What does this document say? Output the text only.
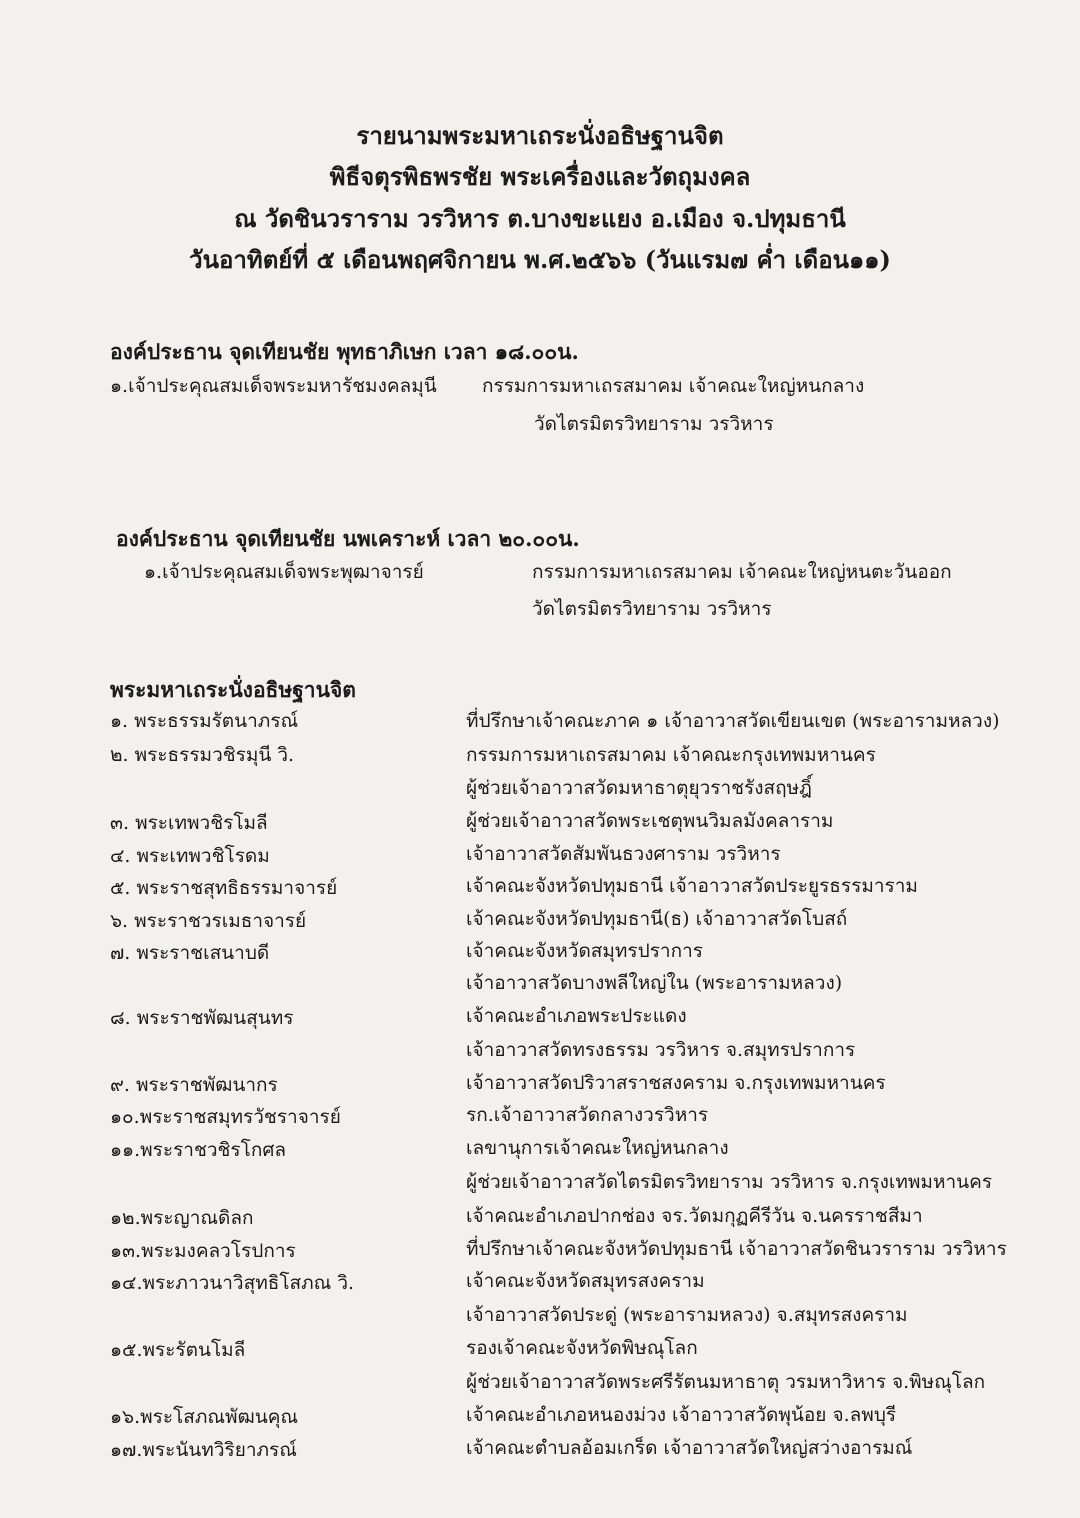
รายนามพระมหาเถระนั่งอธิษฐานจิต
พิธีจตุรพิธพรชัย พระเครื่องและวัตถุมงคล
ณ วัดชินวราราม วรวิหาร ต.บางขะแยง อ.เมือง จ.ปทุมธานี
วันอาทิตย์ที่ ๕ เดือนพฤศจิกายน พ.ศ.๒๕๖๖ (วันแรม๗ ค่ำ เดือน๑๑)
องค์ประธาน จุดเทียนชัย พุทธาภิเษก เวลา ๑๘.๐๐น.
๑.เจ้าประคุณสมเด็จพระมหารัชมงคลมุนี กรรมการมหาเถรสมาคม เจ้าคณะใหญ่หนกลาง
วัดไตรมิตรวิทยาราม วรวิหาร
องค์ประธาน จุดเทียนชัย นพเคราะห์ เวลา ๒๐.๐๐น.
๑.เจ้าประคุณสมเด็จพระพุฒาจารย์	กรรมการมหาเถรสมาคม เจ้าคณะใหญ่หนตะวันออก
วัดไตรมิตรวิทยาราม วรวิหาร
พระมหาเถระนั่งอธิษฐานจิต
๑. พระธรรมรัตนาภรณ์	ที่ปรึกษาเจ้าคณะภาค ๑ เจ้าอาวาสวัดเขียนเขต (พระอารามหลวง)
๒. พระธรรมวชิรมุนี วิ.	กรรมการมหาเถรสมาคม เจ้าคณะกรุงเทพมหานคร
ผู้ช่วยเจ้าอาวาสวัดมหาธาตุยุวราชรังสฤษฎิ์
๓. พระเทพวชิรโมลี	ผู้ช่วยเจ้าอาวาสวัดพระเชตุพนวิมลมังคลาราม
๔. พระเทพวชิโรดม	เจ้าอาวาสวัดสัมพันธวงศาราม วรวิหาร
๕. พระราชสุทธิธรรมาจารย์	เจ้าคณะจังหวัดปทุมธานี เจ้าอาวาสวัดประยูรธรรมาราม
๖. พระราชวรเมธาจารย์	เจ้าคณะจังหวัดปทุมธานี(ธ) เจ้าอาวาสวัดโบสถ์
๗. พระราชเสนาบดี	เจ้าคณะจังหวัดสมุทรปราการ
เจ้าอาวาสวัดบางพลีใหญ่ใน (พระอารามหลวง)
๘. พระราชพัฒนสุนทร	เจ้าคณะอำเภอพระประแดง
เจ้าอาวาสวัดทรงธรรม วรวิหาร จ.สมุทรปราการ
๙. พระราชพัฒนากร	เจ้าอาวาสวัดปริวาสราชสงคราม จ.กรุงเทพมหานคร
๑๐.พระราชสมุทรวัชราจารย์	รก.เจ้าอาวาสวัดกลางวรวิหาร
๑๑.พระราชวชิรโกศล	เลขานุการเจ้าคณะใหญ่หนกลาง
ผู้ช่วยเจ้าอาวาสวัดไตรมิตรวิทยาราม วรวิหาร จ.กรุงเทพมหานคร
๑๒.พระญาณดิลก	เจ้าคณะอำเภอปากช่อง จร.วัดมกุฏคีรีวัน จ.นครราชสีมา
๑๓.พระมงคลวโรปการ	ที่ปรึกษาเจ้าคณะจังหวัดปทุมธานี เจ้าอาวาสวัดชินวราราม วรวิหาร
๑๔.พระภาวนาวิสุทธิโสภณ วิ.	เจ้าคณะจังหวัดสมุทรสงคราม
เจ้าอาวาสวัดประดู่ (พระอารามหลวง) จ.สมุทรสงคราม
๑๕.พระรัตนโมลี	รองเจ้าคณะจังหวัดพิษณุโลก
ผู้ช่วยเจ้าอาวาสวัดพระศรีรัตนมหาธาตุ วรมหาวิหาร จ.พิษณุโลก
๑๖.พระโสภณพัฒนคุณ	เจ้าคณะอำเภอหนองม่วง เจ้าอาวาสวัดพุน้อย จ.ลพบุรี
๑๗.พระนันทวิริยาภรณ์	เจ้าคณะตำบลอ้อมเกร็ด เจ้าอาวาสวัดใหญ่สว่างอารมณ์
